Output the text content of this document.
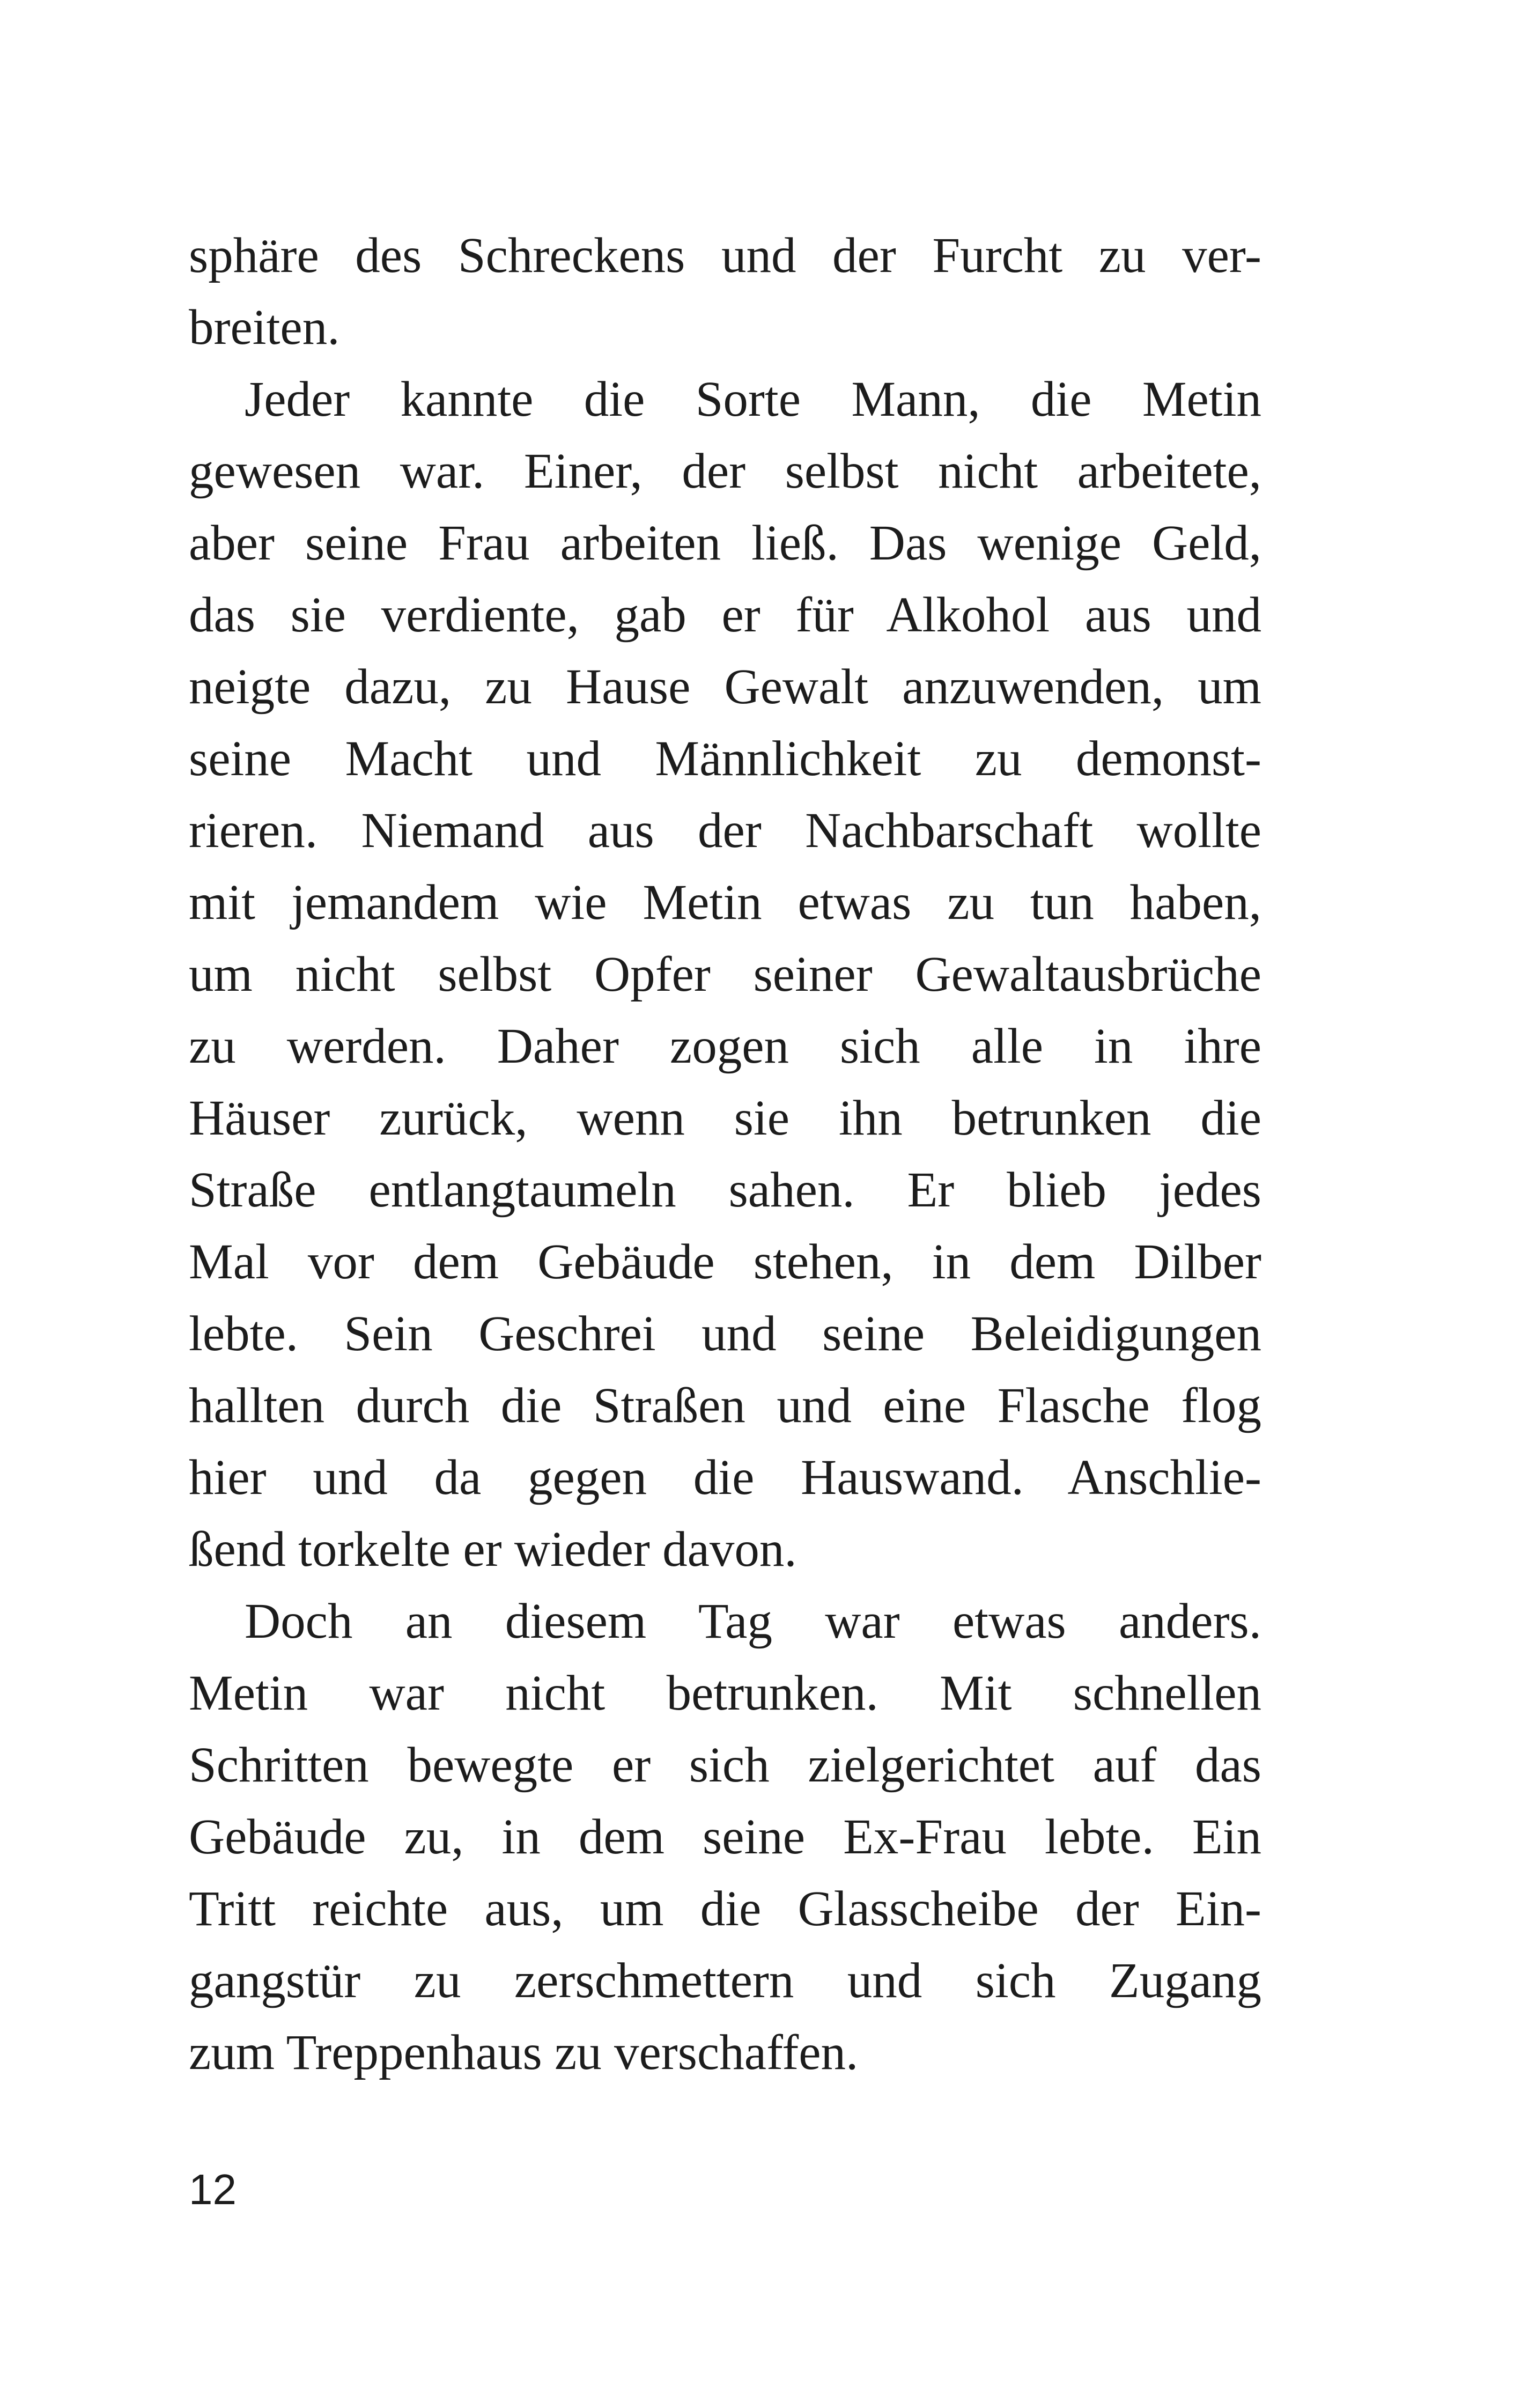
sphäre des Schreckens und der Furcht zu ver-
breiten.
Jeder kannte die Sorte Mann, die Metin
gewesen war. Einer, der selbst nicht arbeitete,
aber seine Frau arbeiten ließ. Das wenige Geld,
das sie verdiente, gab er für Alkohol aus und
neigte dazu, zu Hause Gewalt anzuwenden, um
seine Macht und Männlichkeit zu demonst-
rieren. Niemand aus der Nachbarschaft wollte
mit jemandem wie Metin etwas zu tun haben,
um nicht selbst Opfer seiner Gewaltausbrüche
zu werden. Daher zogen sich alle in ihre
Häuser zurück, wenn sie ihn betrunken die
Straße entlangtaumeln sahen. Er blieb jedes
Mal vor dem Gebäude stehen, in dem Dilber
lebte. Sein Geschrei und seine Beleidigungen
hallten durch die Straßen und eine Flasche flog
hier und da gegen die Hauswand. Anschlie-
ßend torkelte er wieder davon.
Doch an diesem Tag war etwas anders.
Metin war nicht betrunken. Mit schnellen
Schritten bewegte er sich zielgerichtet auf das
Gebäude zu, in dem seine Ex-Frau lebte. Ein
Tritt reichte aus, um die Glasscheibe der Ein-
gangstür zu zerschmettern und sich Zugang
zum Treppenhaus zu verschaffen.
12
